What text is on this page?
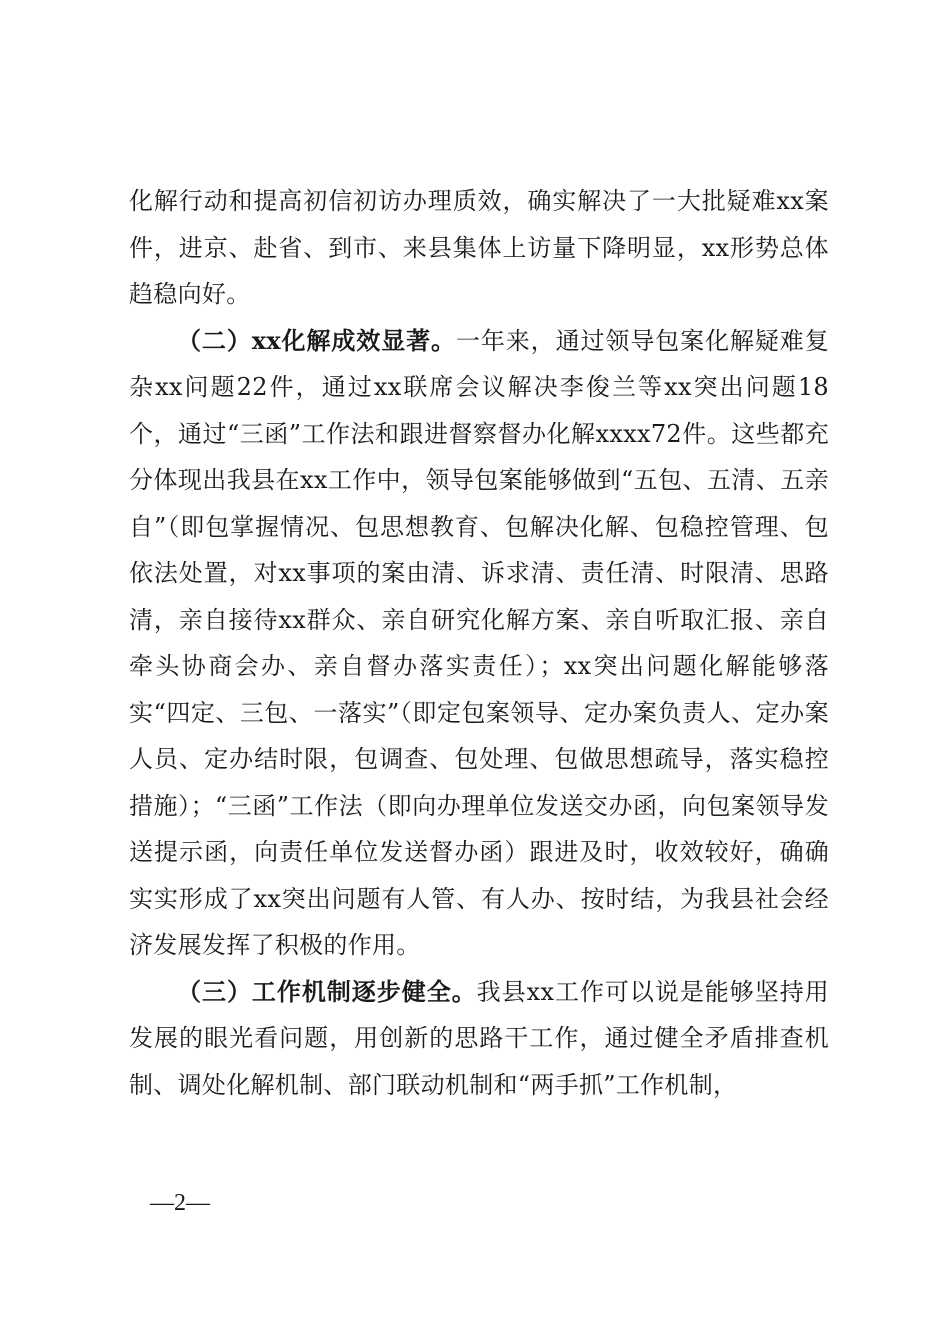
化解行动和提高初信初访办理质效，确实解决了一大批疑难xx案件，进京、赴省、到市、来县集体上访量下降明显，xx形势总体趋稳向好。

（二）xx化解成效显著。一年来，通过领导包案化解疑难复杂xx问题22件，通过xx联席会议解决李俊兰等xx突出问题18个，通过“三函”工作法和跟进督察督办化解xxxx72件。这些都充分体现出我县在xx工作中，领导包案能够做到“五包、五清、五亲自”（即包掌握情况、包思想教育、包解决化解、包稳控管理、包依法处置，对xx事项的案由清、诉求清、责任清、时限清、思路清，亲自接待xx群众、亲自研究化解方案、亲自听取汇报、亲自牵头协商会办、亲自督办落实责任）；xx突出问题化解能够落实“四定、三包、一落实”（即定包案领导、定办案负责人、定办案人员、定办结时限，包调查、包处理、包做思想疏导，落实稳控措施）；“三函”工作法（即向办理单位发送交办函，向包案领导发送提示函，向责任单位发送督办函）跟进及时，收效较好，确确实实形成了xx突出问题有人管、有人办、按时结，为我县社会经济发展发挥了积极的作用。

（三）工作机制逐步健全。我县xx工作可以说是能够坚持用发展的眼光看问题，用创新的思路干工作，通过健全矛盾排查机制、调处化解机制、部门联动机制和“两手抓”工作机制，

—2—
